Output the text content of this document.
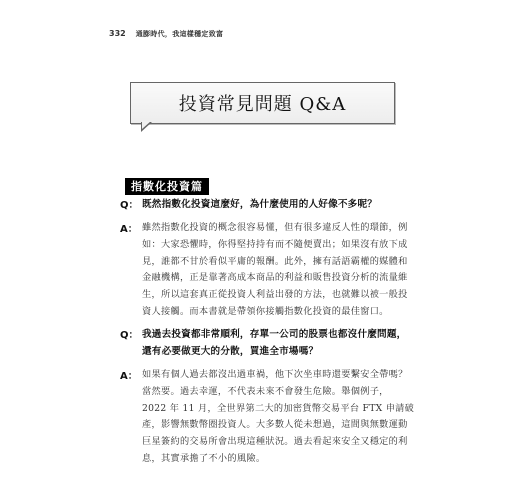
332 通膨時代，我這樣穩定致富
投資常見問題 Q&A
指數化投資篇
Q： 既然指數化投資這麼好，為什麼使用的人好像不多呢？
A： 雖然指數化投資的概念很容易懂，但有很多違反人性的環節，例
如：大家恐懼時，你得堅持持有而不隨便賣出；如果沒有放下成
見，誰都不甘於看似平庸的報酬。此外，擁有話語霸權的媒體和
金融機構，正是靠著高成本商品的利益和販售投資分析的流量維
生，所以這套真正從投資人利益出發的方法，也就難以被一般投
資人接觸。而本書就是帶領你接觸指數化投資的最佳窗口。
Q： 我過去投資都非常順利，存單一公司的股票也都沒什麼問題，
還有必要做更大的分散，買進全市場嗎？
A： 如果有個人過去都沒出過車禍，他下次坐車時還要繫安全帶嗎？
當然要。過去幸運，不代表未來不會發生危險。舉個例子，
2022 年 11 月，全世界第二大的加密貨幣交易平台 FTX 申請破
產，影響無數幣圈投資人。大多數人從未想過，這間與無數運動
巨星簽約的交易所會出現這種狀況。過去看起來安全又穩定的利
息，其實承擔了不小的風險。
